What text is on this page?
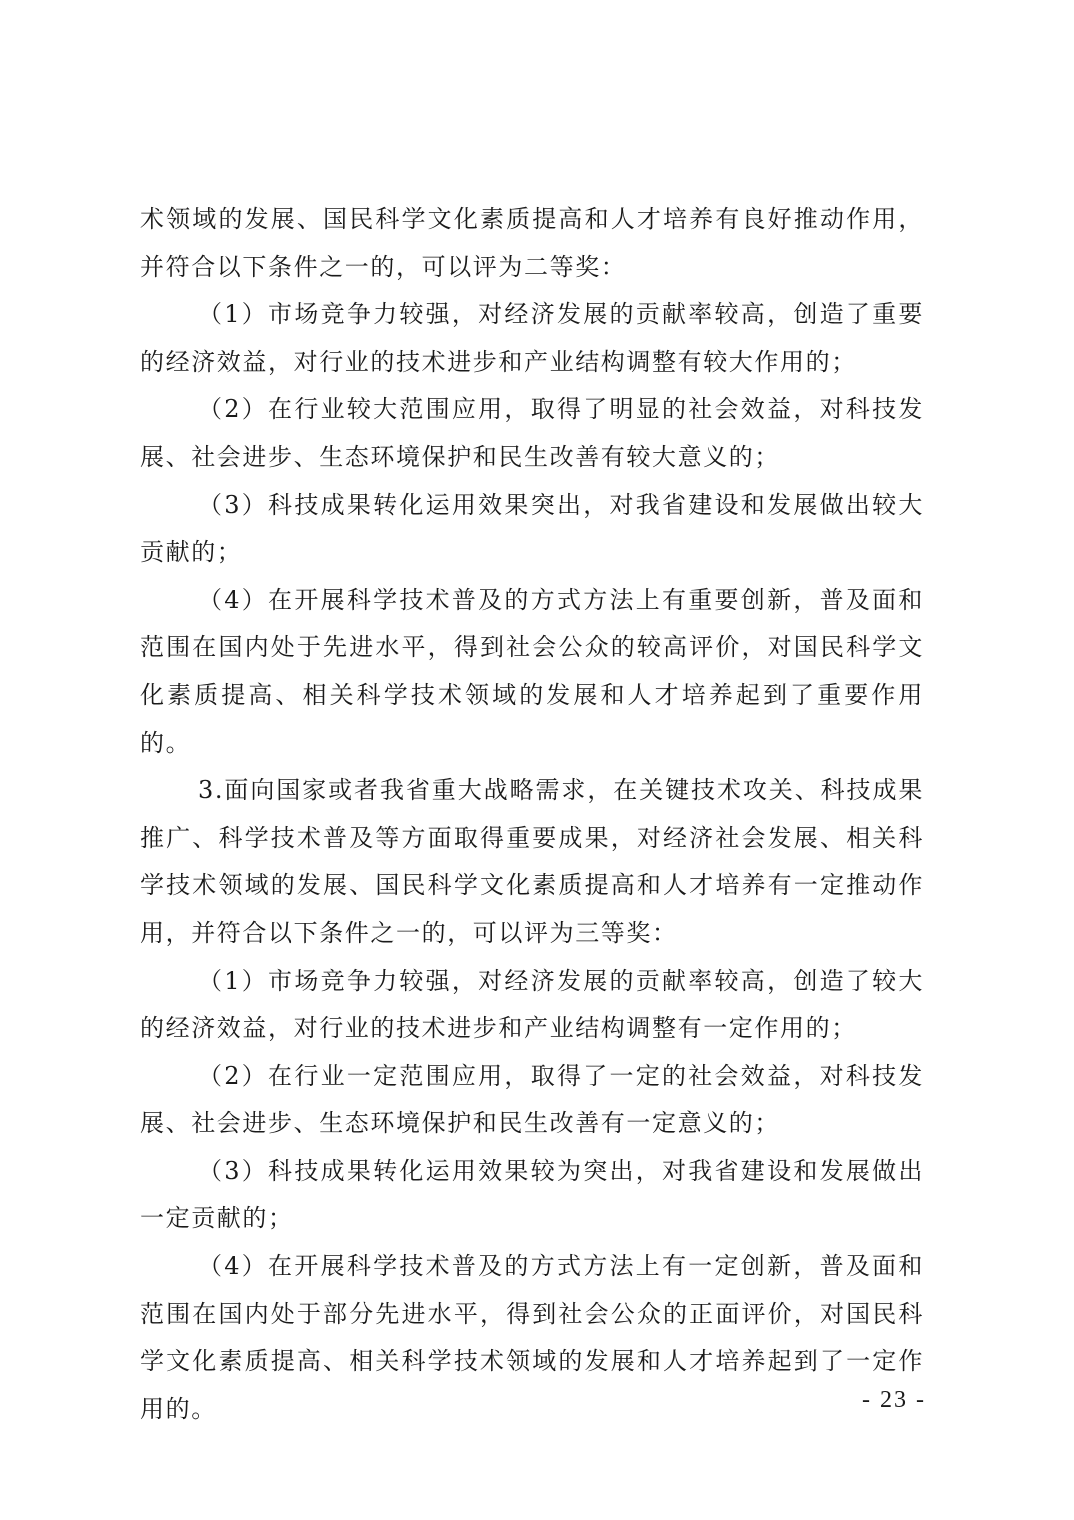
术领域的发展、国民科学文化素质提高和人才培养有良好推动作用，并符合以下条件之一的，可以评为二等奖：

（1）市场竞争力较强，对经济发展的贡献率较高，创造了重要的经济效益，对行业的技术进步和产业结构调整有较大作用的；

（2）在行业较大范围应用，取得了明显的社会效益，对科技发展、社会进步、生态环境保护和民生改善有较大意义的；

（3）科技成果转化运用效果突出，对我省建设和发展做出较大贡献的；

（4）在开展科学技术普及的方式方法上有重要创新，普及面和范围在国内处于先进水平，得到社会公众的较高评价，对国民科学文化素质提高、相关科学技术领域的发展和人才培养起到了重要作用的。

3.面向国家或者我省重大战略需求，在关键技术攻关、科技成果推广、科学技术普及等方面取得重要成果，对经济社会发展、相关科学技术领域的发展、国民科学文化素质提高和人才培养有一定推动作用，并符合以下条件之一的，可以评为三等奖：

（1）市场竞争力较强，对经济发展的贡献率较高，创造了较大的经济效益，对行业的技术进步和产业结构调整有一定作用的；

（2）在行业一定范围应用，取得了一定的社会效益，对科技发展、社会进步、生态环境保护和民生改善有一定意义的；

（3）科技成果转化运用效果较为突出，对我省建设和发展做出一定贡献的；

（4）在开展科学技术普及的方式方法上有一定创新，普及面和范围在国内处于部分先进水平，得到社会公众的正面评价，对国民科学文化素质提高、相关科学技术领域的发展和人才培养起到了一定作用的。	- 23 -
